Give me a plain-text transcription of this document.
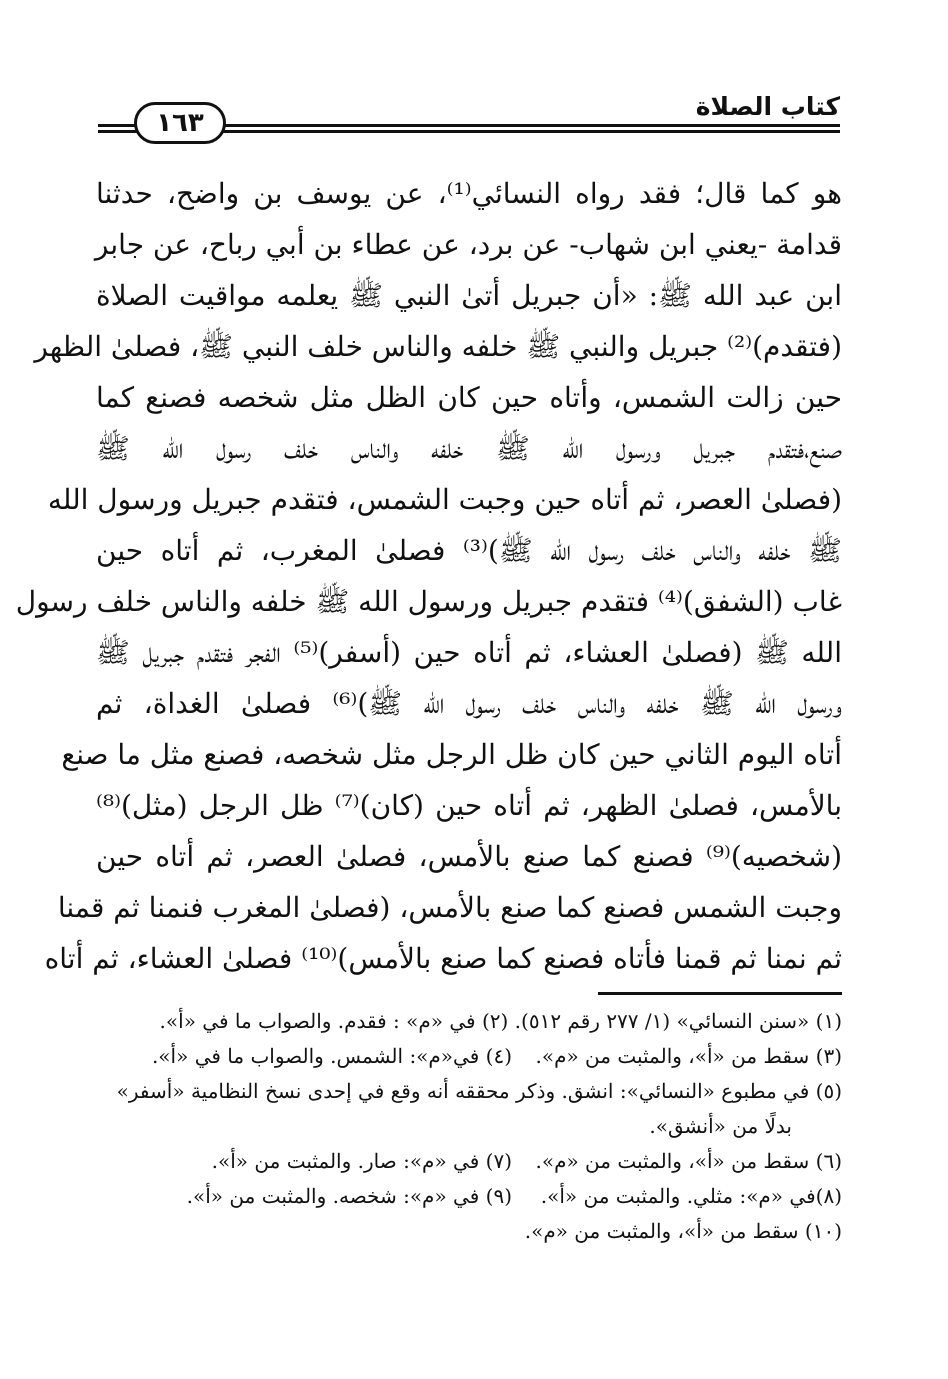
كتاب الصلاة
١٦٣
هو كما قال؛ فقد رواه النسائي⁽¹⁾، عن يوسف بن واضح، حدثنا
قدامة -يعني ابن شهاب- عن برد، عن عطاء بن أبي رباح، عن جابر
ابن عبد الله ﷺ: «أن جبريل أتىٰ النبي ﷺ يعلمه مواقيت الصلاة
(فتقدم)⁽²⁾ جبريل والنبي ﷺ خلفه والناس خلف النبي ﷺ، فصلىٰ الظهر
حين زالت الشمس، وأتاه حين كان الظل مثل شخصه فصنع كما
صنع،فتقدم جبريل ورسول الله ﷺ خلفه والناس خلف رسول الله ﷺ
(فصلىٰ العصر، ثم أتاه حين وجبت الشمس، فتقدم جبريل ورسول الله
ﷺ خلفه والناس خلف رسول الله ﷺ)⁽³⁾ فصلىٰ المغرب، ثم أتاه حين
غاب (الشفق)⁽⁴⁾ فتقدم جبريل ورسول الله ﷺ خلفه والناس خلف رسول
الله ﷺ (فصلىٰ العشاء، ثم أتاه حين (أسفر)⁽⁵⁾ الفجر فتقدم جبريل ﷺ
ورسول الله ﷺ خلفه والناس خلف رسول الله ﷺ)⁽⁶⁾ فصلىٰ الغداة، ثم
أتاه اليوم الثاني حين كان ظل الرجل مثل شخصه، فصنع مثل ما صنع
بالأمس، فصلىٰ الظهر، ثم أتاه حين (كان)⁽⁷⁾ ظل الرجل (مثل)⁽⁸⁾
(شخصيه)⁽⁹⁾ فصنع كما صنع بالأمس، فصلىٰ العصر، ثم أتاه حين
وجبت الشمس فصنع كما صنع بالأمس، (فصلىٰ المغرب فنمنا ثم قمنا
ثم نمنا ثم قمنا فأتاه فصنع كما صنع بالأمس)⁽¹⁰⁾ فصلىٰ العشاء، ثم أتاه
(١) «سنن النسائي» (١/ ٢٧٧ رقم ٥١٢). (٢) في «م» : فقدم. والصواب ما في «أ».
(٣) سقط من «أ»، والمثبت من «م».
(٤) في«م»: الشمس. والصواب ما في «أ».
(٥) في مطبوع «النسائي»: انشق. وذكر محققه أنه وقع في إحدى نسخ النظامية «أسفر»
بدلًا من «أنشق».
(٦) سقط من «أ»، والمثبت من «م».
(٧) في «م»: صار. والمثبت من «أ».
(٨)في «م»: مثلي. والمثبت من «أ».
(٩) في «م»: شخصه. والمثبت من «أ».
(١٠) سقط من «أ»، والمثبت من «م».
